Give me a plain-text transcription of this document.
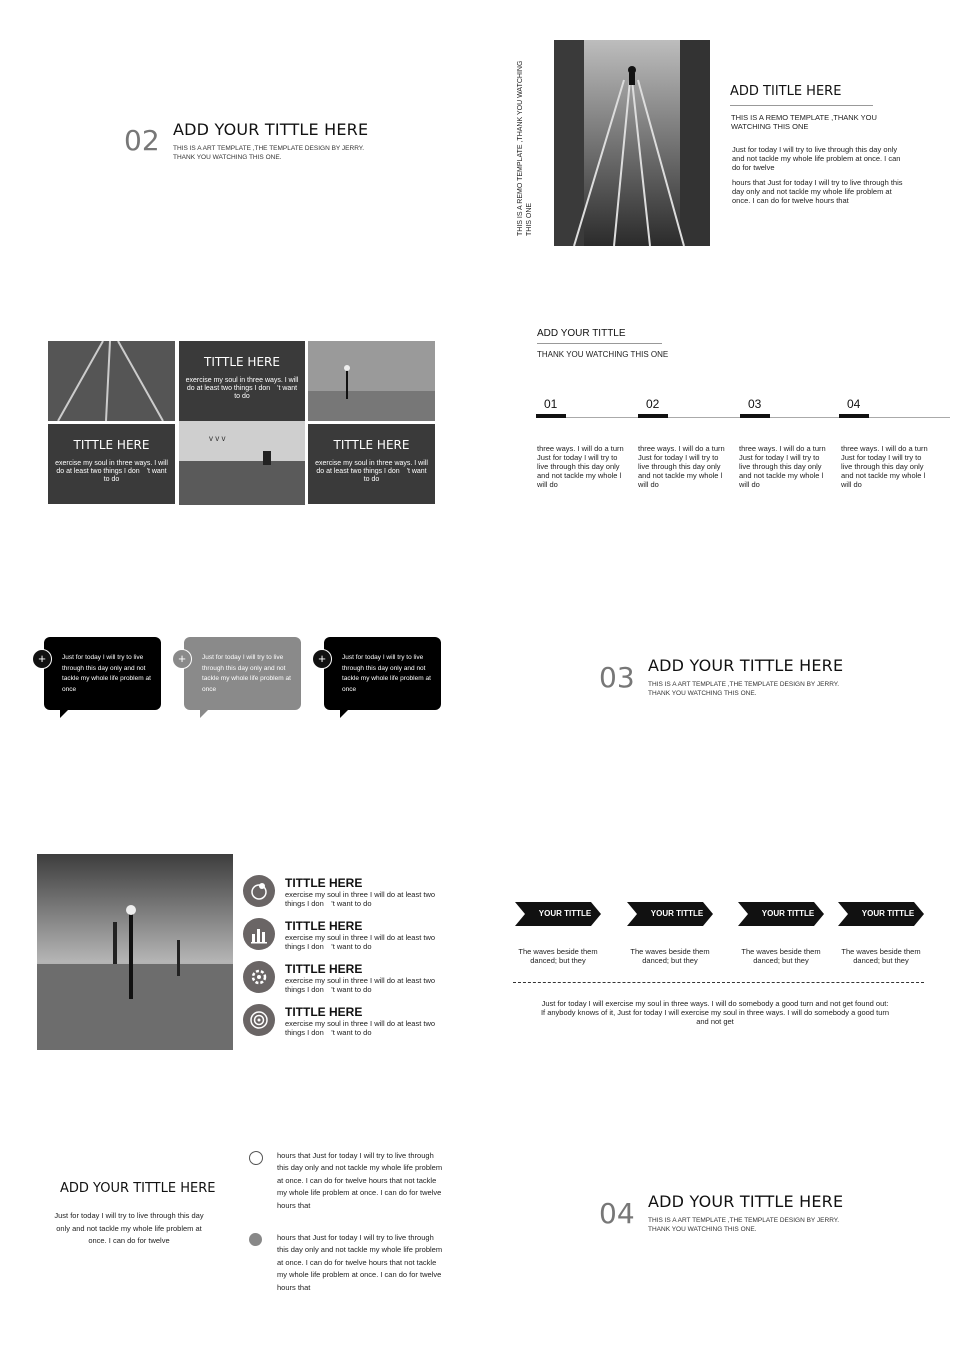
02 ADD YOUR TITTLE HERE
THIS IS A ART TEMPLATE ,THE TEMPLATE DESIGN BY JERRY. THANK YOU WATCHING THIS ONE.	THIS IS A REMO TEMPLATE ,THANK YOU WATCHING THIS ONE
ADD TIITLE HERE
THIS IS A REMO TEMPLATE ,THANK YOU WATCHING THIS ONE
Just for today I will try to live through this day only and not tackle my whole life problem at once. I can do for twelve
hours that Just for today I will try to live through this day only and not tackle my whole life problem at once. I can do for twelve hours that
TITTLE HERE
exercise my soul in three ways. I will do at least two things I don　't want to do
TITTLE HERE
exercise my soul in three ways. I will do at least two things I don　't want to do
v v v	TITTLE HERE
exercise my soul in three ways. I will do at least two things I don　't want to do
ADD YOUR TITTLE
THANK YOU WATCHING THIS ONE
01
three ways. I will do a turn Just for today I will try to live through this day only and not tackle my whole l will do
02
three ways. I will do a turn Just for today I will try to live through this day only and not tackle my whole l will do
03
three ways. I will do a turn Just for today I will try to live through this day only and not tackle my whole l will do
04
three ways. I will do a turn Just for today I will try to live through this day only and not tackle my whole l will do
+	Just for today I will try to live through this day only and not tackle my whole life problem at once
+	Just for today I will try to live through this day only and not tackle my whole life problem at once
+	Just for today I will try to live through this day only and not tackle my whole life problem at once	03 ADD YOUR TITTLE HERE
THIS IS A ART TEMPLATE ,THE TEMPLATE DESIGN BY JERRY. THANK YOU WATCHING THIS ONE.
TITTLE HERE
exercise my soul in three I will do at least two things I don　't want to do
TITTLE HERE
exercise my soul in three I will do at least two things I don　't want to do
TITTLE HERE
exercise my soul in three I will do at least two things I don　't want to do
TITTLE HERE
exercise my soul in three I will do at least two things I don　't want to do
YOUR TITTLE
The waves beside them danced; but they
YOUR TITTLE
The waves beside them danced; but they
YOUR TITTLE
The waves beside them danced; but they
YOUR TITTLE
The waves beside them danced; but they
Just for today I will exercise my soul in three ways. I will do somebody a good turn and not get found out: If anybody knows of it, Just for today I will exercise my soul in three ways. I will do somebody a good turn and not get
ADD YOUR TITTLE HERE
Just for today I will try to live through this day only and not tackle my whole life problem at once. I can do for twelve
hours that Just for today I will try to live through this day only and not tackle my whole life problem at once. I can do for twelve hours that not tackle my whole life problem at once. I can do for twelve hours that
hours that Just for today I will try to live through this day only and not tackle my whole life problem at once. I can do for twelve hours that not tackle my whole life problem at once. I can do for twelve hours that
04 ADD YOUR TITTLE HERE
THIS IS A ART TEMPLATE ,THE TEMPLATE DESIGN BY JERRY. THANK YOU WATCHING THIS ONE.
